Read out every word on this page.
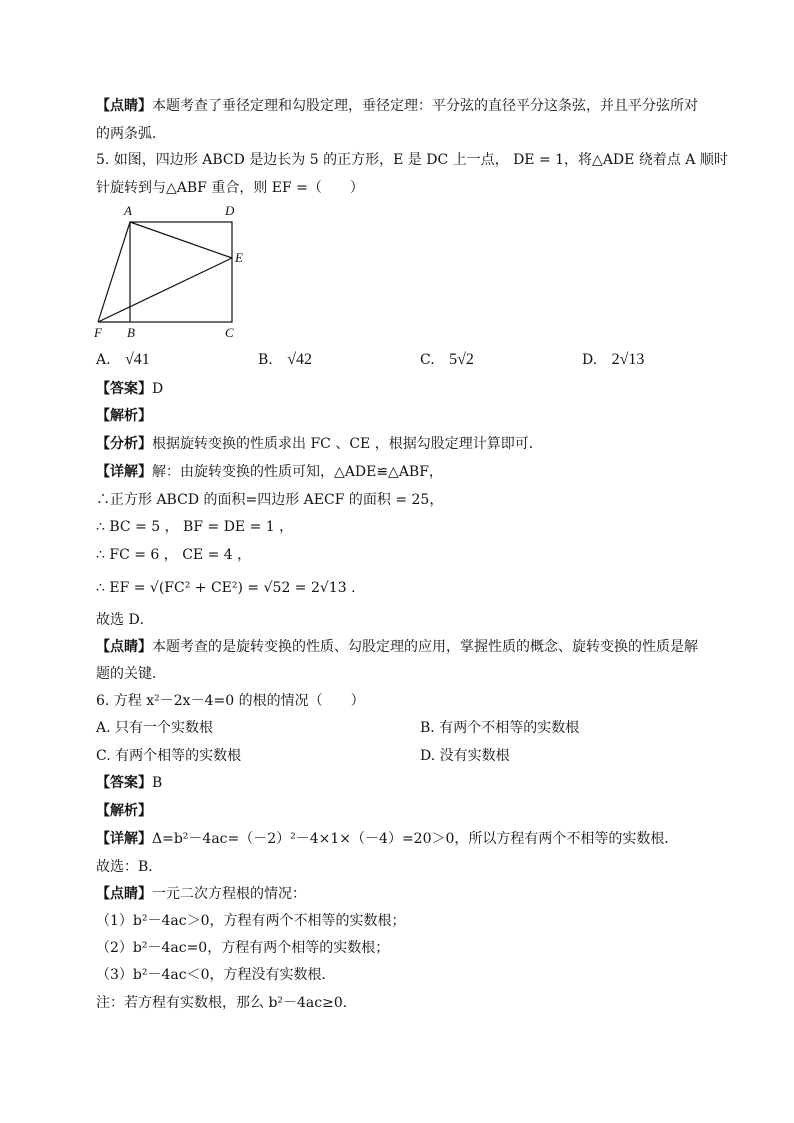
【点睛】本题考查了垂径定理和勾股定理，垂径定理：平分弦的直径平分这条弦，并且平分弦所对
的两条弧．
5. 如图，四边形 ABCD 是边长为 5 的正方形，E 是 DC 上一点， DE = 1，将△ADE 绕着点 A 顺时
针旋转到与△ABF 重合，则 EF =（　　）
A	D
E
F B	C
A. √41	B. √42	C. 5√2	D. 2√13
【答案】D
【解析】
【分析】根据旋转变换的性质求出 FC 、CE ，根据勾股定理计算即可．
【详解】解：由旋转变换的性质可知，△ADE≌△ABF，
∴正方形 ABCD 的面积=四边形 AECF 的面积 = 25，
∴ BC = 5 ， BF = DE = 1 ，
∴ FC = 6 ， CE = 4 ，
∴ EF = √(FC² + CE²) = √52 = 2√13 .
故选 D．
【点睛】本题考查的是旋转变换的性质、勾股定理的应用，掌握性质的概念、旋转变换的性质是解
题的关键．
6. 方程 x²－2x－4=0 的根的情况（　　）
A. 只有一个实数根	B. 有两个不相等的实数根
C. 有两个相等的实数根	D. 没有实数根
【答案】B
【解析】
【详解】Δ=b²－4ac=（－2）²－4×1×（－4）=20＞0，所以方程有两个不相等的实数根．
故选：B．
【点睛】一元二次方程根的情况：
（1）b²－4ac＞0，方程有两个不相等的实数根；
（2）b²－4ac=0，方程有两个相等的实数根；
（3）b²－4ac＜0，方程没有实数根．
注：若方程有实数根，那么 b²－4ac≥0.
